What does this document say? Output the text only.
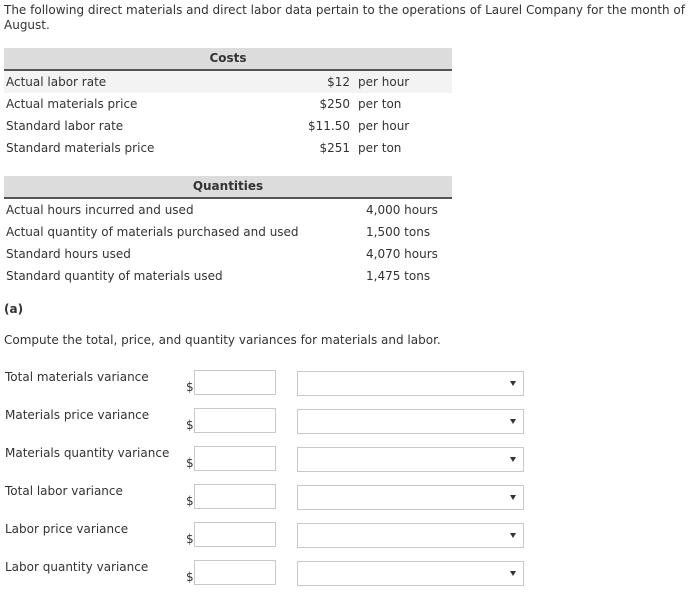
The following direct materials and direct labor data pertain to the operations of Laurel Company for the month of August.

Costs
Actual labor rate	$12 per hour
Actual materials price	$250 per ton
Standard labor rate	$11.50 per hour
Standard materials price	$251 per ton
Quantities
Actual hours incurred and used	4,000 hours
Actual quantity of materials purchased and used	1,500 tons
Standard hours used	4,070 hours
Standard quantity of materials used	1,475 tons

(a)

Compute the total, price, and quantity variances for materials and labor.

Total materials variance
$
Materials price variance
$
Materials quantity variance
$
Total labor variance
$
Labor price variance
$
Labor quantity variance
$
